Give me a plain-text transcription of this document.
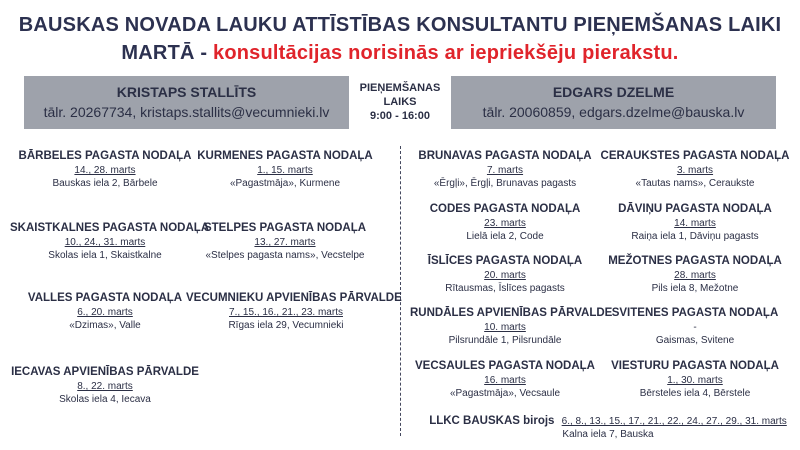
BAUSKAS NOVADA LAUKU ATTĪSTĪBAS KONSULTANTU PIEŅEMŠANAS LAIKI
MARTĀ - konsultācijas norisinās ar iepriekšēju pierakstu.
KRISTAPS STALLĪTS
tālr. 20267734, kristaps.stallits@vecumnieki.lv
PIEŅEMŠANAS
LAIKS
9:00 - 16:00
EDGARS DZELME
tālr. 20060859, edgars.dzelme@bauska.lv
BĀRBELES PAGASTA NODAĻA
14., 28. marts
Bauskas iela 2, Bārbele
KURMENES PAGASTA NODAĻA
1., 15. marts
«Pagastmāja», Kurmene
SKAISTKALNES PAGASTA NODAĻA
10., 24., 31. marts
Skolas iela 1, Skaistkalne
STELPES PAGASTA NODAĻA
13., 27. marts
«Stelpes pagasta nams», Vecstelpe
VALLES PAGASTA NODAĻA
6., 20. marts
«Dzimas», Valle
VECUMNIEKU APVIENĪBAS PĀRVALDE
7., 15., 16., 21., 23. marts
Rīgas iela 29, Vecumnieki
IECAVAS APVIENĪBAS PĀRVALDE
8., 22. marts
Skolas iela 4, Iecava
BRUNAVAS PAGASTA NODAĻA
7. marts
«Ērgļi», Ērgļi, Brunavas pagasts
CERAUKSTES PAGASTA NODAĻA
3. marts
«Tautas nams», Ceraukste
CODES PAGASTA NODAĻA
23. marts
Lielā iela 2, Code
DĀVIŅU PAGASTA NODAĻA
14. marts
Raiņa iela 1, Dāviņu pagasts
ĪSLĪCES PAGASTA NODAĻA
20. marts
Rītausmas, Īslīces pagasts
MEŽOTNES PAGASTA NODAĻA
28. marts
Pils iela 8, Mežotne
RUNDĀLES APVIENĪBAS PĀRVALDE
10. marts
Pilsrundāle 1, Pilsrundāle
SVITENES PAGASTA NODAĻA
-
Gaismas, Svitene
VECSAULES PAGASTA NODAĻA
16. marts
«Pagastmāja», Vecsaule
VIESTURU PAGASTA NODAĻA
1., 30. marts
Bērsteles iela 4, Bērstele
LLKC BAUSKAS birojs 6., 8., 13., 15., 17., 21., 22., 24., 27., 29., 31. marts
Kalna iela 7, Bauska
